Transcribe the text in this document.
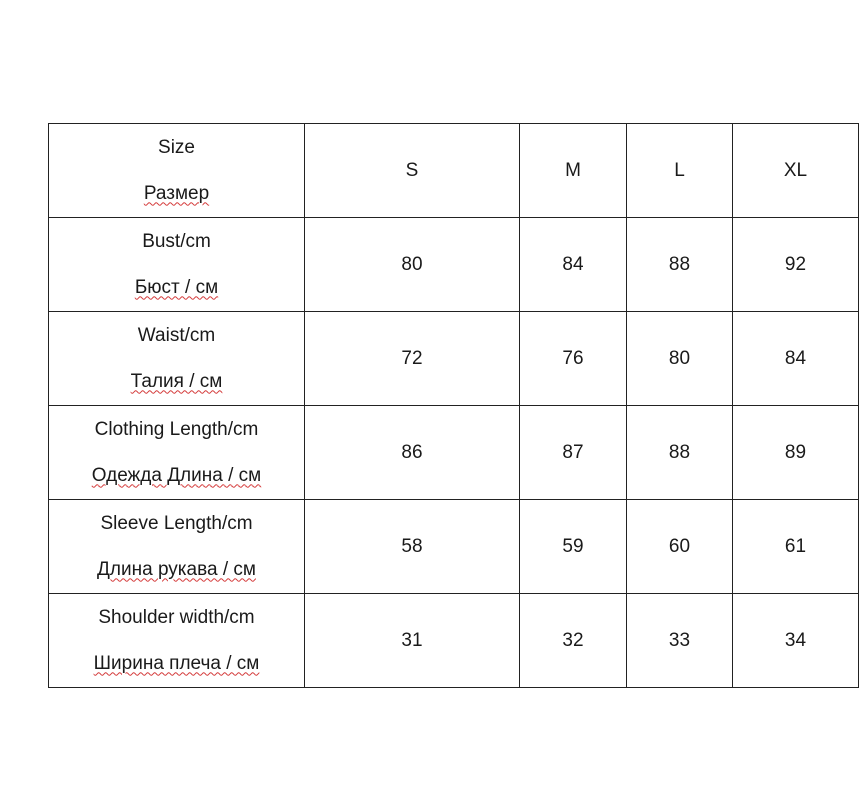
Size
Размер	S	M	L	XL

Bust/cm
Бюст / см	80	84	88	92

Waist/cm
Талия / см	72	76	80	84

Clothing Length/cm
Одежда Длина / см	86	87	88	89

Sleeve Length/cm
Длина рукава / см	58	59	60	61

Shoulder width/cm
Ширина плеча / см	31	32	33	34
